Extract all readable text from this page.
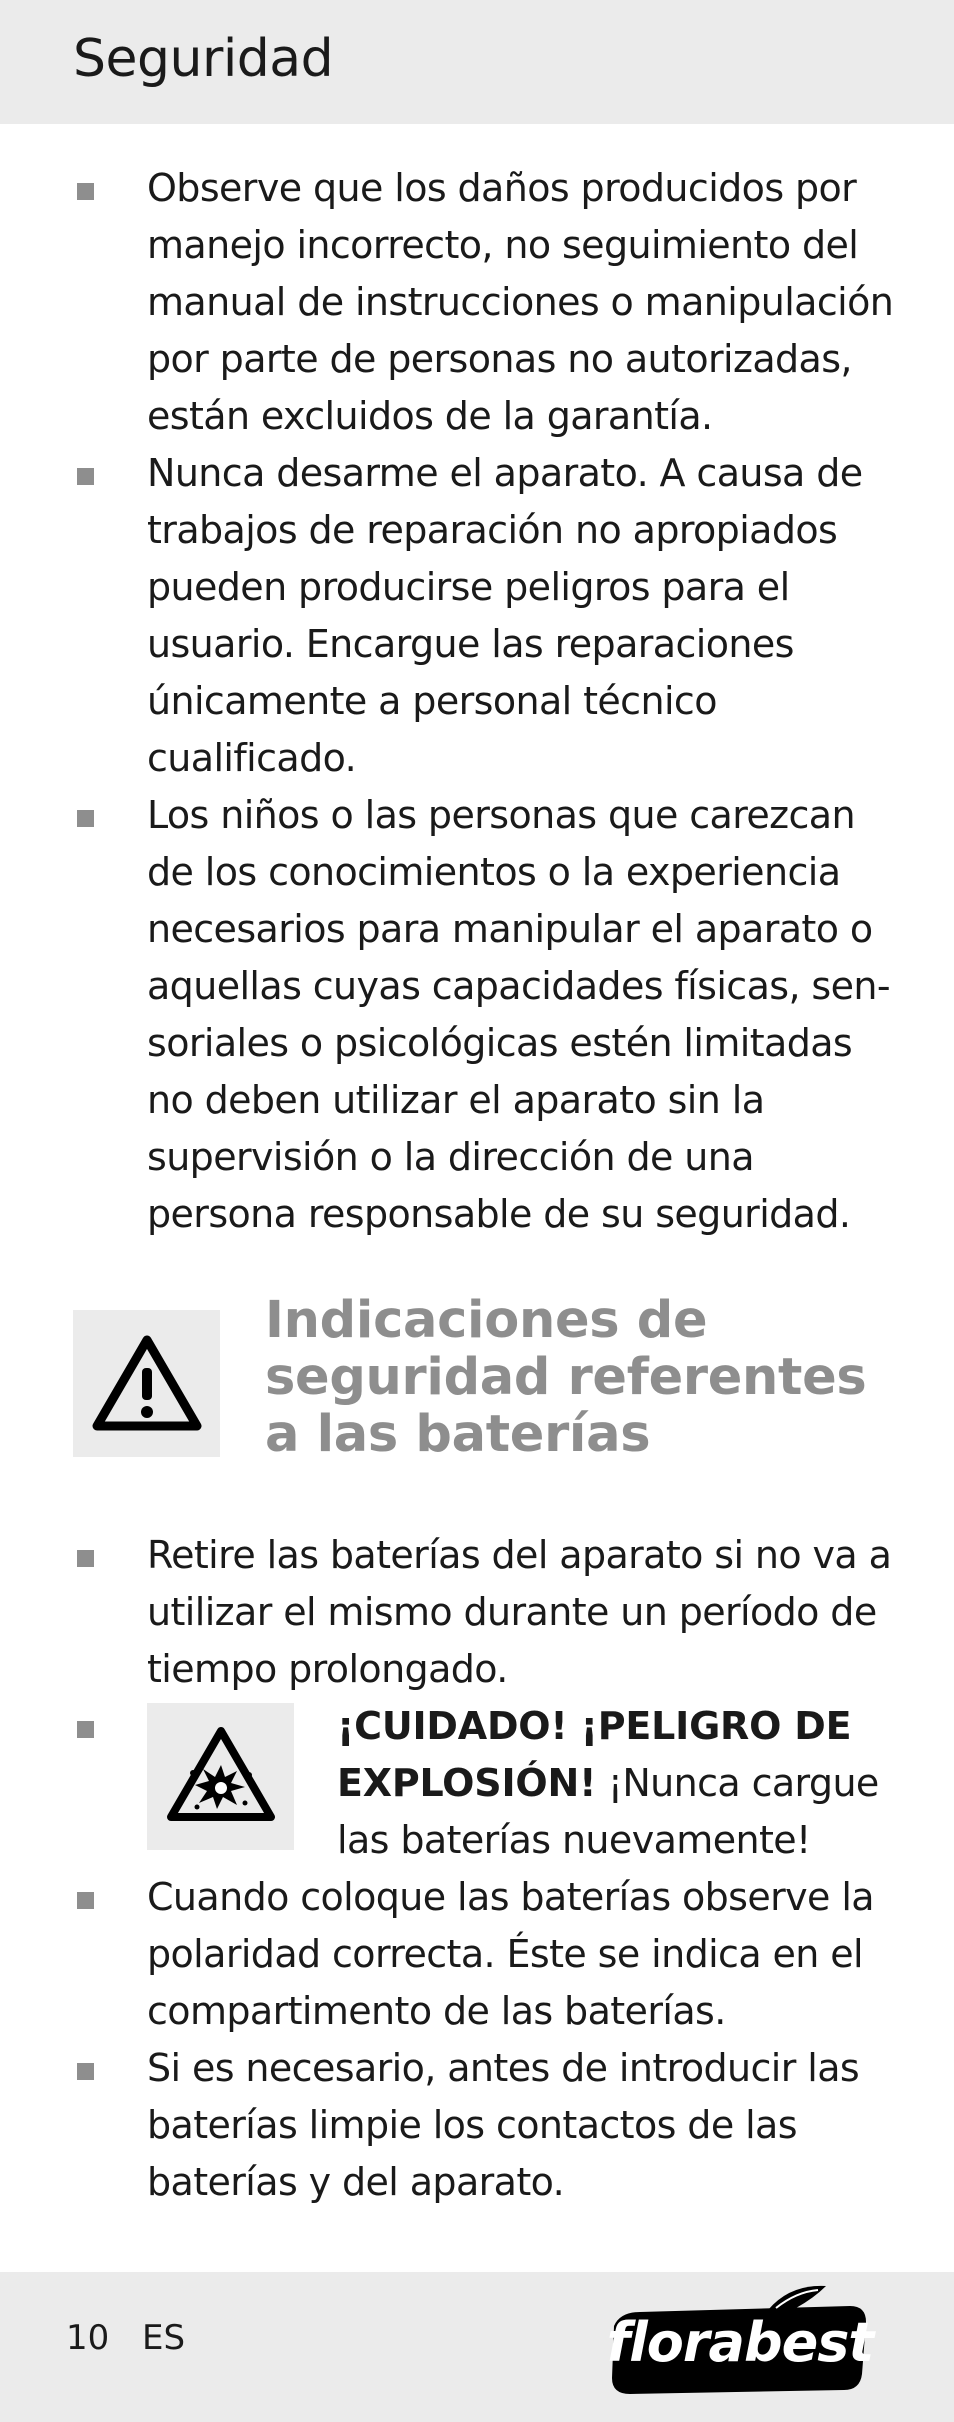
Seguridad
Observe que los daños producidos por manejo incorrecto, no seguimiento del manual de instrucciones o manipulación por parte de personas no autorizadas, están excluidos de la garantía.
Nunca desarme el aparato. A causa de trabajos de reparación no apropiados pueden producirse peligros para el usuario. Encargue las reparaciones únicamente a personal técnico cualificado.
Los niños o las personas que carezcan de los conocimientos o la experiencia necesarios para manipular el aparato o aquellas cuyas capacidades físicas, sen-soriales o psicológicas estén limitadas no deben utilizar el aparato sin la supervisión o la dirección de una persona responsable de su seguridad.
Indicaciones de seguridad referentes a las baterías
Retire las baterías del aparato si no va a utilizar el mismo durante un período de tiempo prolongado.
¡CUIDADO! ¡PELIGRO DE EXPLOSIÓN! ¡Nunca cargue las baterías nuevamente!
Cuando coloque las baterías observe la polaridad correcta. Éste se indica en el compartimento de las baterías.
Si es necesario, antes de introducir las baterías limpie los contactos de las baterías y del aparato.
10 ES	florabest
